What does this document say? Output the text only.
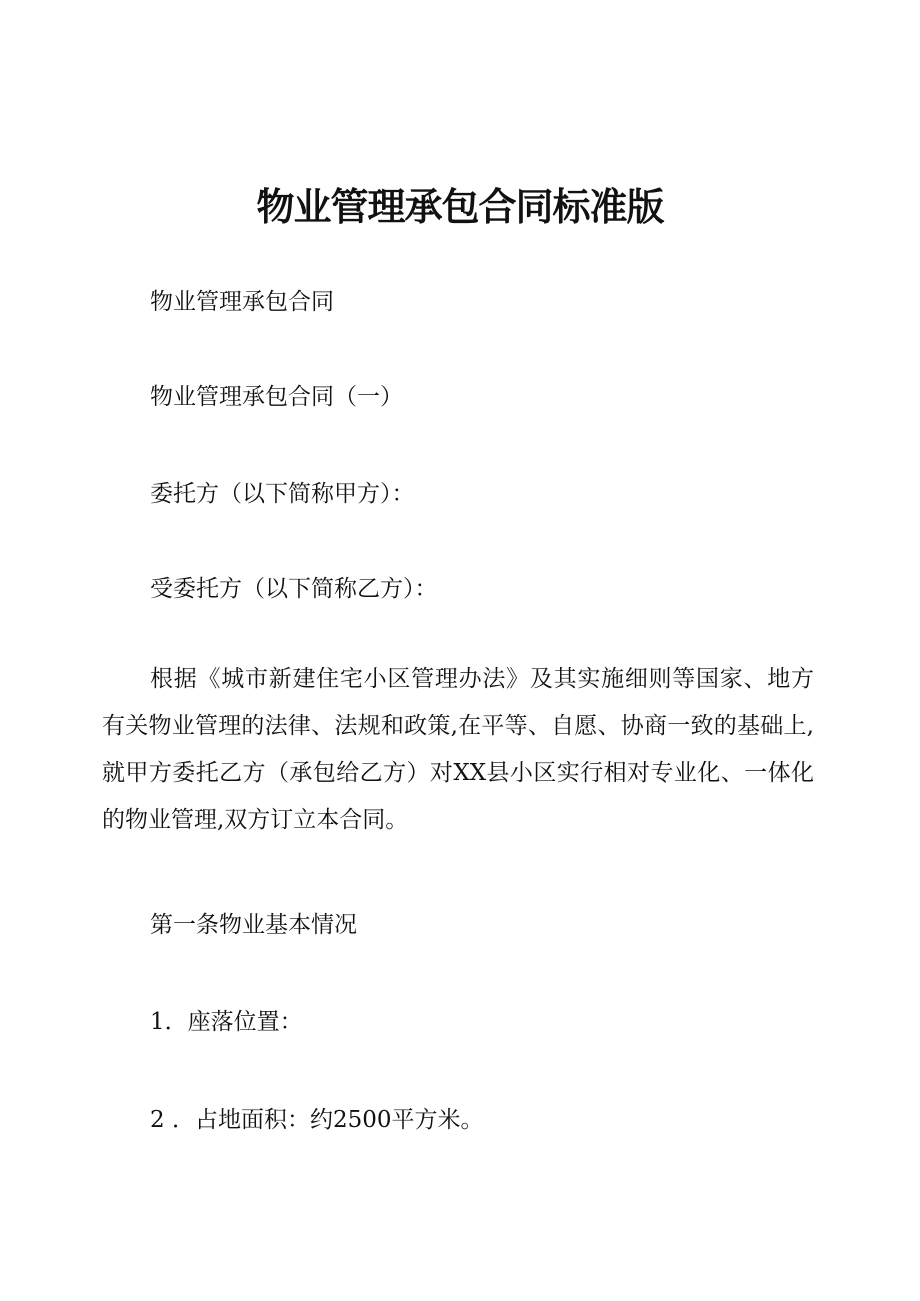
物业管理承包合同标准版

物业管理承包合同

物业管理承包合同（一）

委托方（以下简称甲方）：

受委托方（以下简称乙方）：

根据《城市新建住宅小区管理办法》及其实施细则等国家、地方有关物业管理的法律、法规和政策,在平等、自愿、协商一致的基础上,就甲方委托乙方（承包给乙方）对XX县小区实行相对专业化、一体化的物业管理,双方订立本合同。

第一条物业基本情况

1．座落位置：

2 ．占地面积：约2500平方米。
